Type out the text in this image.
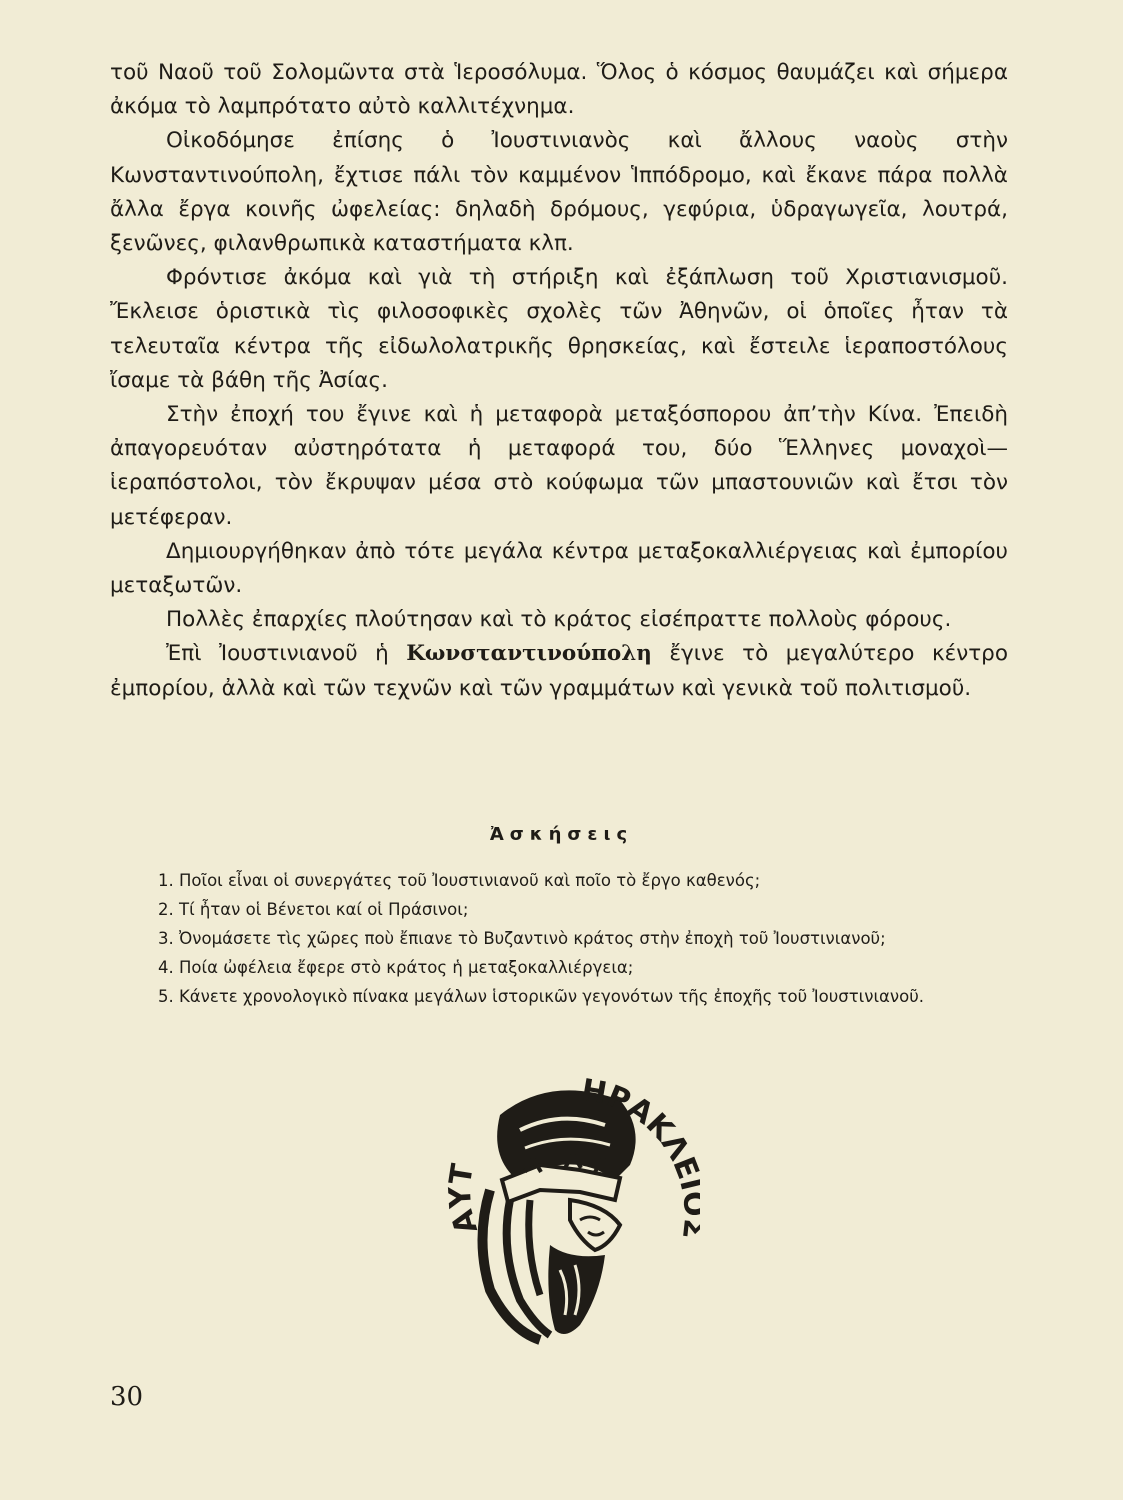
τοῦ Ναοῦ τοῦ Σολομῶντα στὰ Ἱεροσόλυμα. Ὅλος ὁ κόσμος θαυμάζει καὶ σήμερα ἀκόμα τὸ λαμπρότατο αὐτὸ καλλιτέχνημα.

Οἰκοδόμησε ἐπίσης ὁ Ἰουστινιανὸς καὶ ἄλλους ναοὺς στὴν Κωνσταντινούπολη, ἔχτισε πάλι τὸν καμμένον Ἱππόδρομο, καὶ ἔκανε πάρα πολλὰ ἄλλα ἔργα κοινῆς ὠφελείας: δηλαδὴ δρόμους, γεφύρια, ὑδραγωγεῖα, λουτρά, ξενῶνες, φιλανθρωπικὰ καταστήματα κλπ.

Φρόντισε ἀκόμα καὶ γιὰ τὴ στήριξη καὶ ἐξάπλωση τοῦ Χριστιανισμοῦ. Ἔκλεισε ὁριστικὰ τὶς φιλοσοφικὲς σχολὲς τῶν Ἀθηνῶν, οἱ ὁποῖες ἦταν τὰ τελευταῖα κέντρα τῆς εἰδωλολατρικῆς θρησκείας, καὶ ἔστειλε ἱεραποστόλους ἴσαμε τὰ βάθη τῆς Ἀσίας.

Στὴν ἐποχή του ἔγινε καὶ ἡ μεταφορὰ μεταξόσπορου ἀπ’τὴν Κίνα. Ἐπειδὴ ἀπαγορευόταν αὐστηρότατα ἡ μεταφορά του, δύο Ἕλληνες μοναχοὶ—ἱεραπόστολοι, τὸν ἔκρυψαν μέσα στὸ κούφωμα τῶν μπαστουνιῶν καὶ ἔτσι τὸν μετέφεραν.

Δημιουργήθηκαν ἀπὸ τότε μεγάλα κέντρα μεταξοκαλλιέργειας καὶ ἐμπορίου μεταξωτῶν.

Πολλὲς ἐπαρχίες πλούτησαν καὶ τὸ κράτος εἰσέπραττε πολλοὺς φόρους.

Ἐπὶ Ἰουστινιανοῦ ἡ Κωνσταντινούπολη ἔγινε τὸ μεγαλύτερο κέντρο ἐμπορίου, ἀλλὰ καὶ τῶν τεχνῶν καὶ τῶν γραμμάτων καὶ γενικὰ τοῦ πολιτισμοῦ.

Ἀσκήσεις

1. Ποῖοι εἶναι οἱ συνεργάτες τοῦ Ἰουστινιανοῦ καὶ ποῖο τὸ ἔργο καθενός;

2. Τί ἦταν οἱ Βένετοι καί οἱ Πράσινοι;

3. Ὀνομάσετε τὶς χῶρες ποὺ ἔπιανε τὸ Βυζαντινὸ κράτος στὴν ἐποχὴ τοῦ Ἰουστινιανοῦ;

4. Ποία ὠφέλεια ἔφερε στὸ κράτος ἡ μεταξοκαλλιέργεια;

5. Κάνετε χρονολογικὸ πίνακα μεγάλων ἱστορικῶν γεγονότων τῆς ἐποχῆς τοῦ Ἰουστινιανοῦ.

ΗΡΑΚΛ
ΑΥΤ
30
